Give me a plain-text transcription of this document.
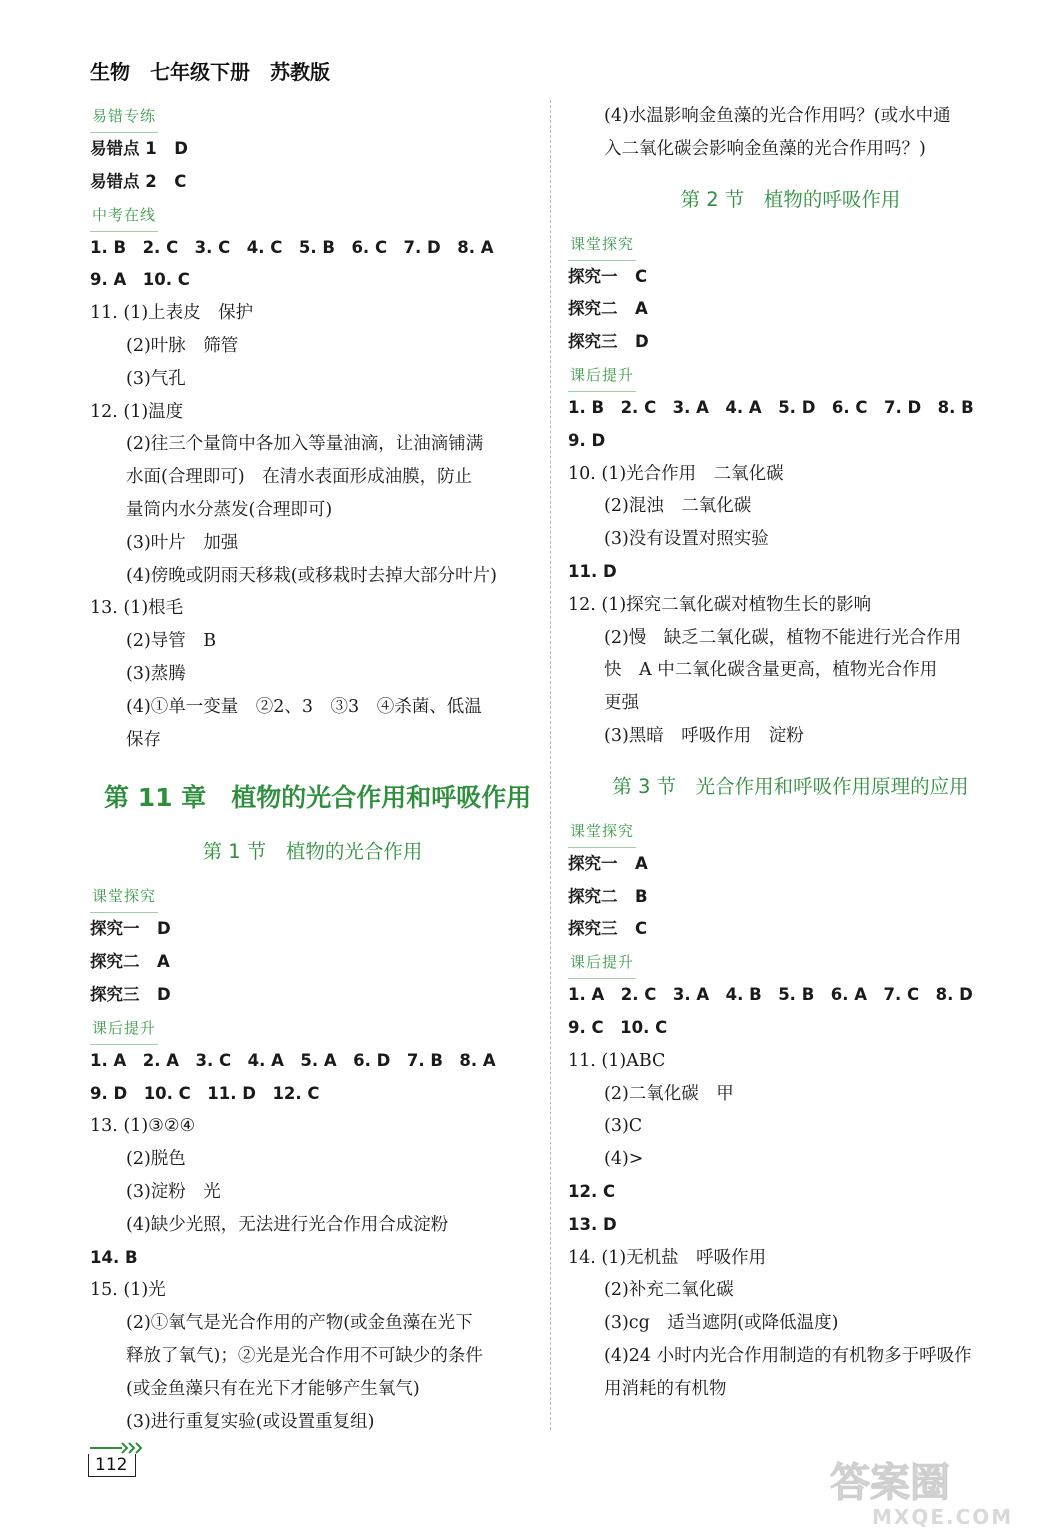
生物　七年级下册　苏教版
易错专练
易错点 1　 D
易错点 2　 C
中考在线
1. B　2. C　3. C　4. C　5. B　6. C　7. D　8. A
9. A　10. C
11. (1)上表皮　保护
(2)叶脉　筛管
(3)气孔
12. (1)温度
(2)往三个量筒中各加入等量油滴，让油滴铺满
水面(合理即可)　在清水表面形成油膜，防止
量筒内水分蒸发(合理即可)
(3)叶片　加强
(4)傍晚或阴雨天移栽(或移栽时去掉大部分叶片)
13. (1)根毛
(2)导管　B
(3)蒸腾
(4)①单一变量　②2、3　③3　④杀菌、低温
保存
第 11 章　植物的光合作用和呼吸作用
第 1 节　植物的光合作用
课堂探究
探究一　 D
探究二　 A
探究三　 D
课后提升
1. A　2. A　3. C　4. A　5. A　6. D　7. B　8. A
9. D　10. C　11. D　12. C
13. (1)③②④
(2)脱色
(3)淀粉　光
(4)缺少光照，无法进行光合作用合成淀粉
14. B
15. (1)光
(2)①氧气是光合作用的产物(或金鱼藻在光下
释放了氧气)；②光是光合作用不可缺少的条件
(或金鱼藻只有在光下才能够产生氧气)
(3)进行重复实验(或设置重复组)
(4)水温影响金鱼藻的光合作用吗？(或水中通
入二氧化碳会影响金鱼藻的光合作用吗？)
第 2 节　植物的呼吸作用
课堂探究
探究一　 C
探究二　 A
探究三　 D
课后提升
1. B　2. C　3. A　4. A　5. D　6. C　7. D　8. B
9. D
10. (1)光合作用　二氧化碳
(2)混浊　二氧化碳
(3)没有设置对照实验
11. D
12. (1)探究二氧化碳对植物生长的影响
(2)慢　缺乏二氧化碳，植物不能进行光合作用
快　A 中二氧化碳含量更高，植物光合作用
更强
(3)黑暗　呼吸作用　淀粉
第 3 节　光合作用和呼吸作用原理的应用
课堂探究
探究一　 A
探究二　 B
探究三　 C
课后提升
1. A　2. C　3. A　4. B　5. B　6. A　7. C　8. D
9. C　10. C
11. (1)ABC
(2)二氧化碳　甲
(3)C
(4)>
12. C
13. D
14. (1)无机盐　呼吸作用
(2)补充二氧化碳
(3)cg　适当遮阴(或降低温度)
(4)24 小时内光合作用制造的有机物多于呼吸作
用消耗的有机物
112	答案圈
MXQE.COM
